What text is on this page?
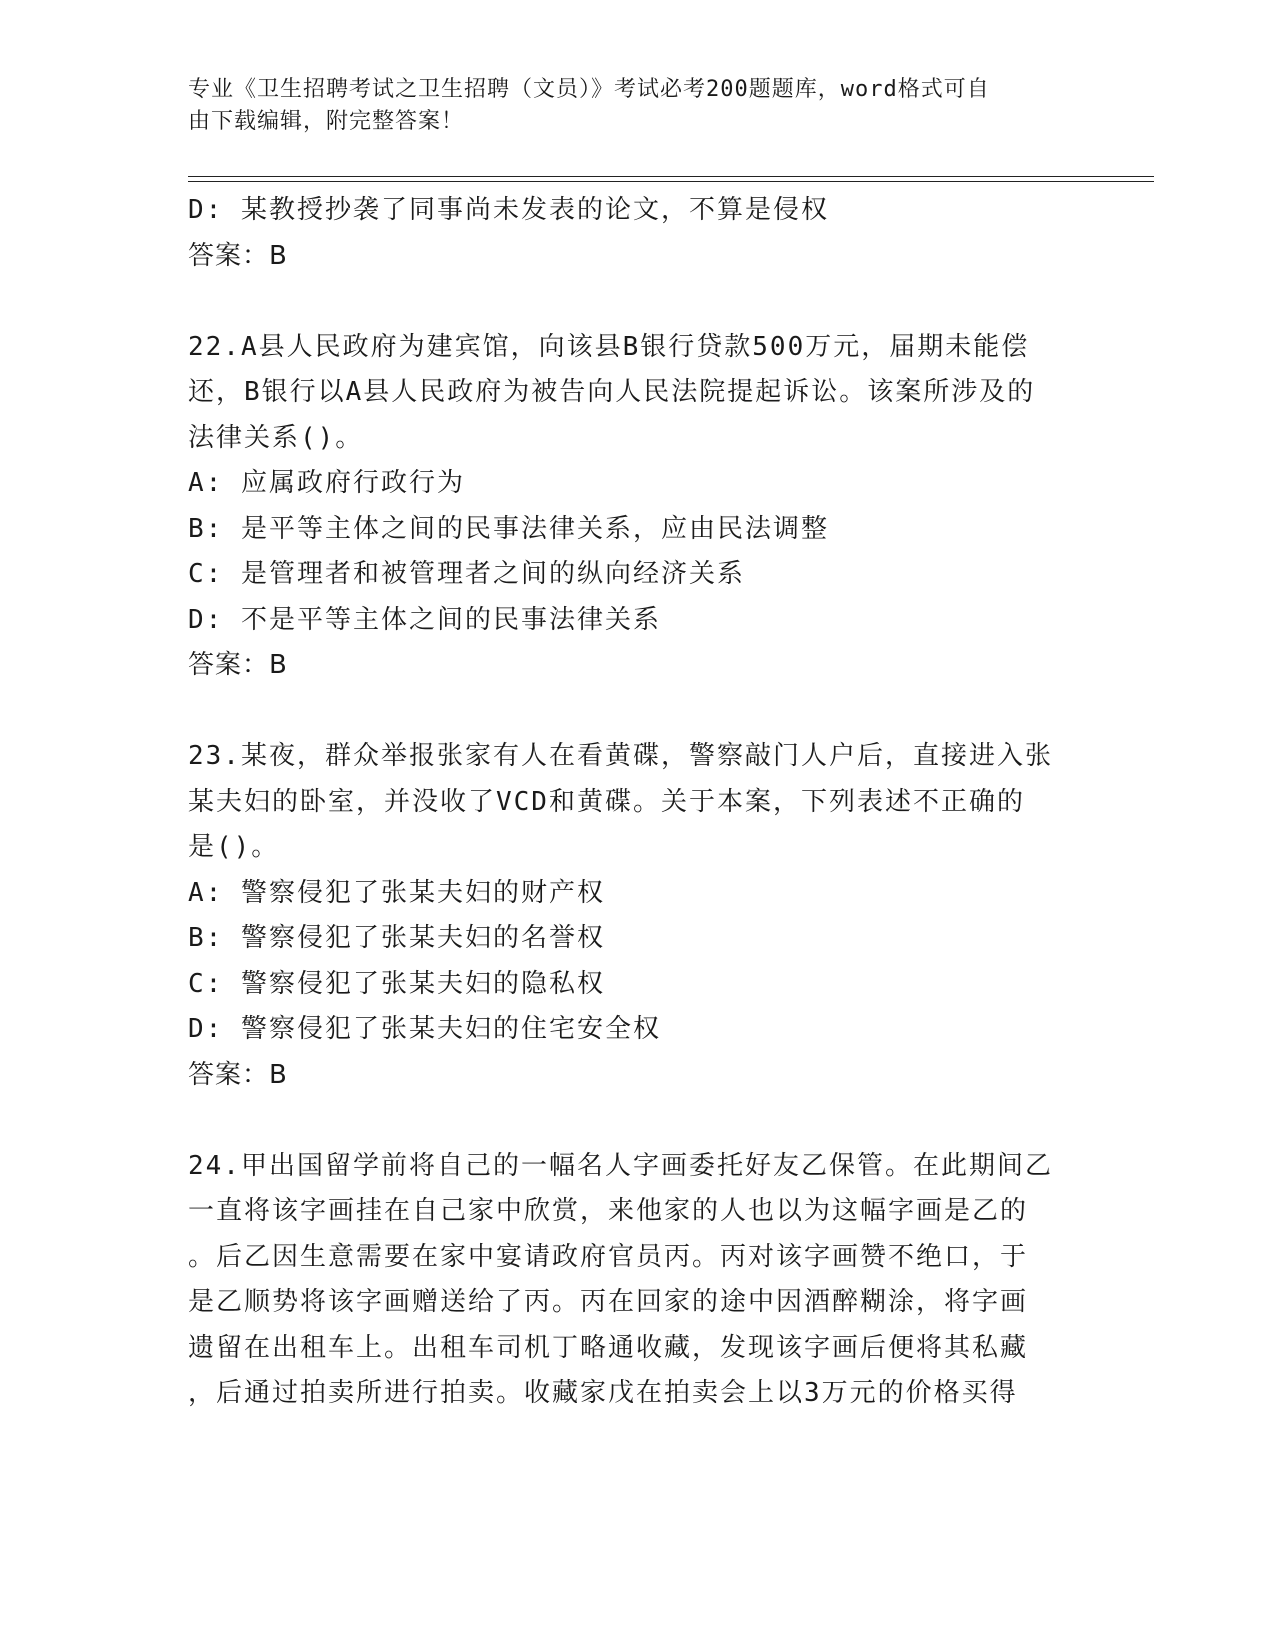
专业《卫生招聘考试之卫生招聘（文员）》考试必考200题题库，word格式可自
由下载编辑，附完整答案！
D: 某教授抄袭了同事尚未发表的论文，不算是侵权
答案：B
22.A县人民政府为建宾馆，向该县B银行贷款500万元，届期未能偿
还，B银行以A县人民政府为被告向人民法院提起诉讼。该案所涉及的
法律关系()。
A: 应属政府行政行为
B: 是平等主体之间的民事法律关系，应由民法调整
C: 是管理者和被管理者之间的纵向经济关系
D: 不是平等主体之间的民事法律关系
答案：B
23.某夜，群众举报张家有人在看黄碟，警察敲门人户后，直接进入张
某夫妇的卧室，并没收了VCD和黄碟。关于本案，下列表述不正确的
是()。
A: 警察侵犯了张某夫妇的财产权
B: 警察侵犯了张某夫妇的名誉权
C: 警察侵犯了张某夫妇的隐私权
D: 警察侵犯了张某夫妇的住宅安全权
答案：B
24.甲出国留学前将自己的一幅名人字画委托好友乙保管。在此期间乙
一直将该字画挂在自己家中欣赏，来他家的人也以为这幅字画是乙的
。后乙因生意需要在家中宴请政府官员丙。丙对该字画赞不绝口，于
是乙顺势将该字画赠送给了丙。丙在回家的途中因酒醉糊涂，将字画
遗留在出租车上。出租车司机丁略通收藏，发现该字画后便将其私藏
，后通过拍卖所进行拍卖。收藏家戊在拍卖会上以3万元的价格买得
